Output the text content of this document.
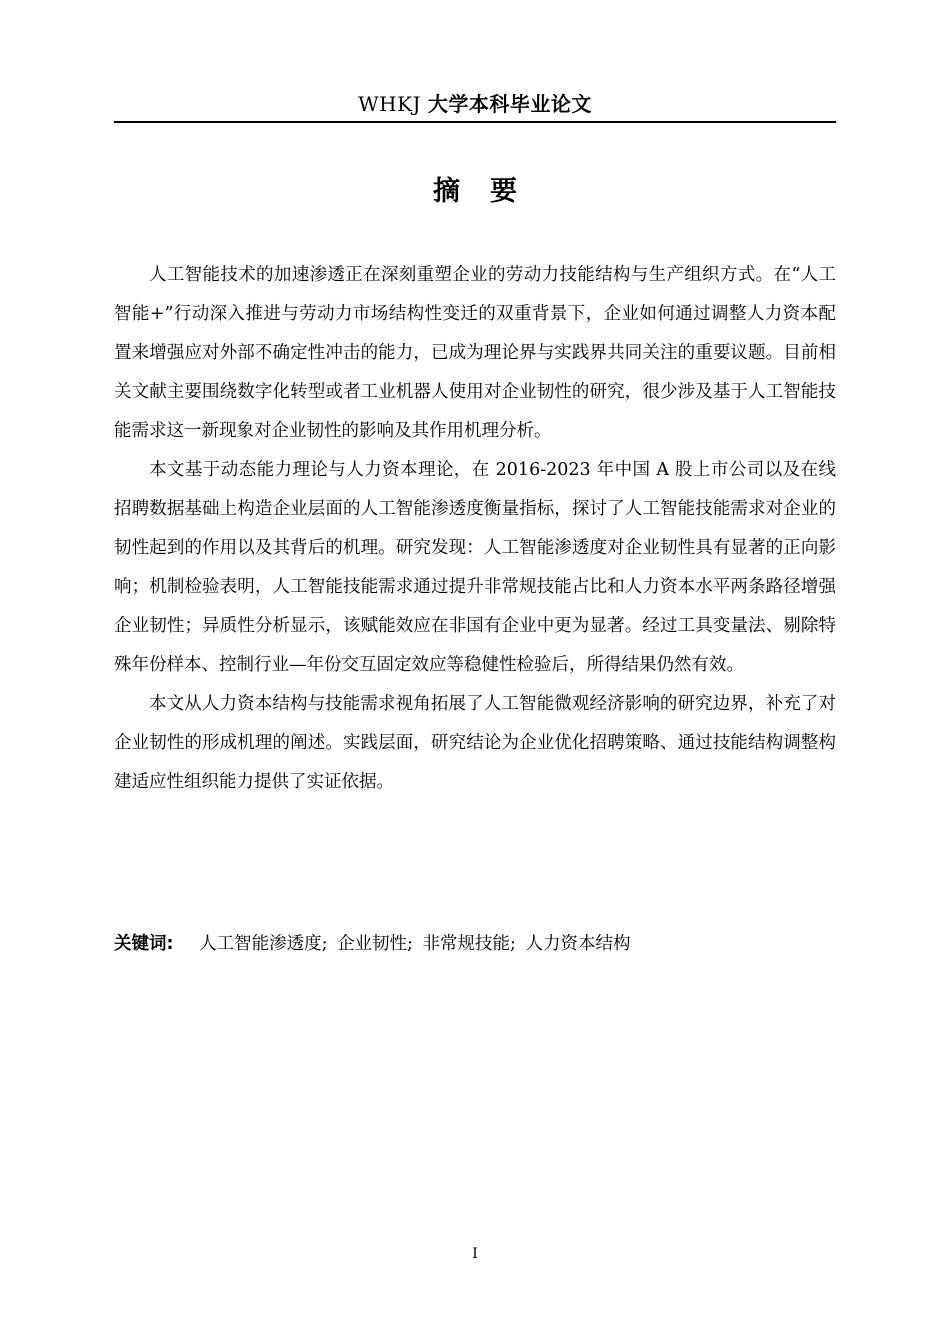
WHKJ 大学本科毕业论文
摘要

人工智能技术的加速渗透正在深刻重塑企业的劳动力技能结构与生产组织方式。在“人工智能+”行动深入推进与劳动力市场结构性变迁的双重背景下，企业如何通过调整人力资本配置来增强应对外部不确定性冲击的能力，已成为理论界与实践界共同关注的重要议题。目前相关文献主要围绕数字化转型或者工业机器人使用对企业韧性的研究，很少涉及基于人工智能技能需求这一新现象对企业韧性的影响及其作用机理分析。

本文基于动态能力理论与人力资本理论，在 2016-2023 年中国 A 股上市公司以及在线招聘数据基础上构造企业层面的人工智能渗透度衡量指标，探讨了人工智能技能需求对企业的韧性起到的作用以及其背后的机理。研究发现：人工智能渗透度对企业韧性具有显著的正向影响；机制检验表明，人工智能技能需求通过提升非常规技能占比和人力资本水平两条路径增强企业韧性；异质性分析显示，该赋能效应在非国有企业中更为显著。经过工具变量法、剔除特殊年份样本、控制行业—年份交互固定效应等稳健性检验后，所得结果仍然有效。

本文从人力资本结构与技能需求视角拓展了人工智能微观经济影响的研究边界，补充了对企业韧性的形成机理的阐述。实践层面，研究结论为企业优化招聘策略、通过技能结构调整构建适应性组织能力提供了实证依据。

关键词: 人工智能渗透度; 企业韧性; 非常规技能; 人力资本结构
I
